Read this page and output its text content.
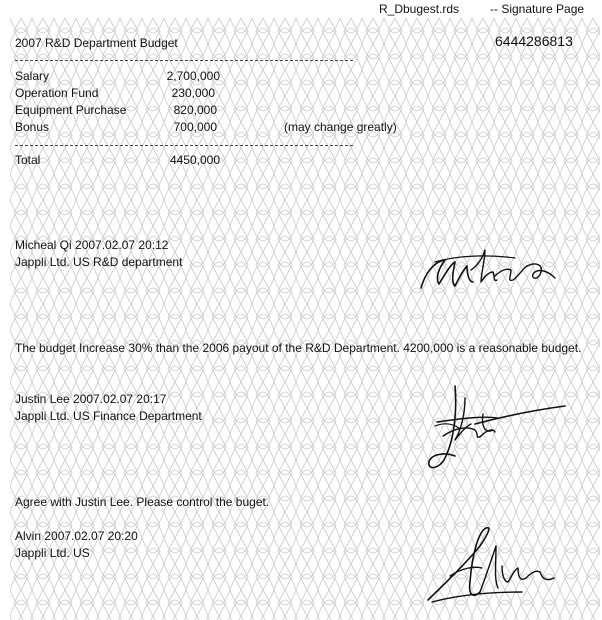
R_Dbugest.rds	-- Signature Page
2007 R&D Department Budget	6444286813
Salary	2,700,000
Operation Fund	230,000
Equipment Purchase	820,000
Bonus	700,000	(may change greatly)
Total	4450,000
Micheal Qi 2007.02.07 20:12
Jappli Ltd. US R&D department
The budget Increase 30% than the 2006 payout of the R&D Department. 4200,000 is a reasonable budget.
Justin Lee 2007.02.07 20:17
Jappli Ltd. US Finance Department
Agree with Justin Lee. Please control the buget.
Alvin 2007.02.07 20:20
Jappli Ltd. US
